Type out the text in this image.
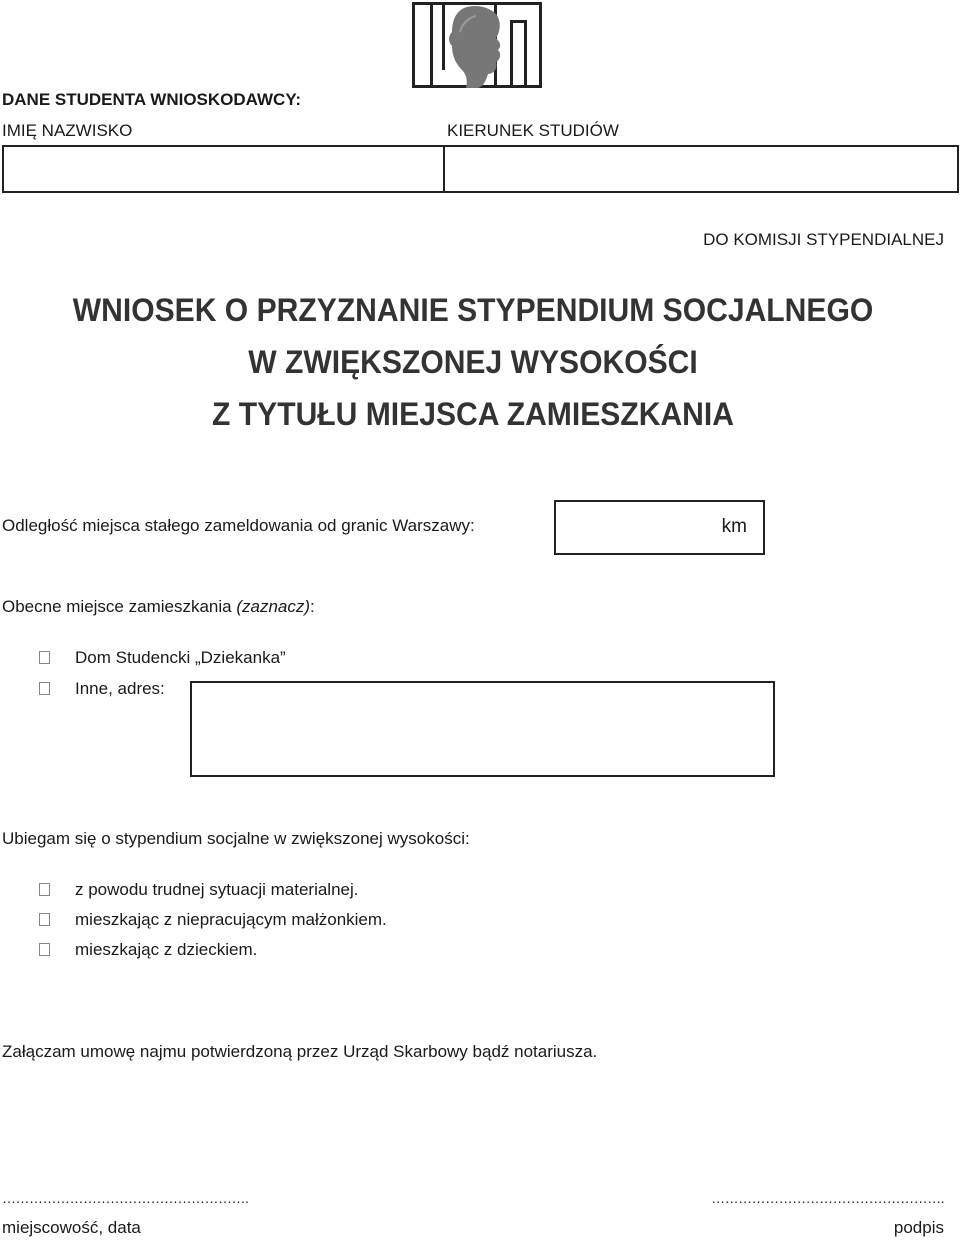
DANE STUDENTA WNIOSKODAWCY:
IMIĘ NAZWISKO	KIERUNEK STUDIÓW
DO KOMISJI STYPENDIALNEJ
WNIOSEK O PRZYZNANIE STYPENDIUM SOCJALNEGO
W ZWIĘKSZONEJ WYSOKOŚCI
Z TYTUŁU MIEJSCA ZAMIESZKANIA
Odległość miejsca stałego zameldowania od granic Warszawy:	km
Obecne miejsce zamieszkania (zaznacz):
Dom Studencki „Dziekanka”
Inne, adres:
Ubiegam się o stypendium socjalne w zwiększonej wysokości:
z powodu trudnej sytuacji materialnej.
mieszkając z niepracującym małżonkiem.
mieszkając z dzieckiem.
Załączam umowę najmu potwierdzoną przez Urząd Skarbowy bądź notariusza.
……………………………………………….
miejscowość, data
…………………………………………….
podpis
